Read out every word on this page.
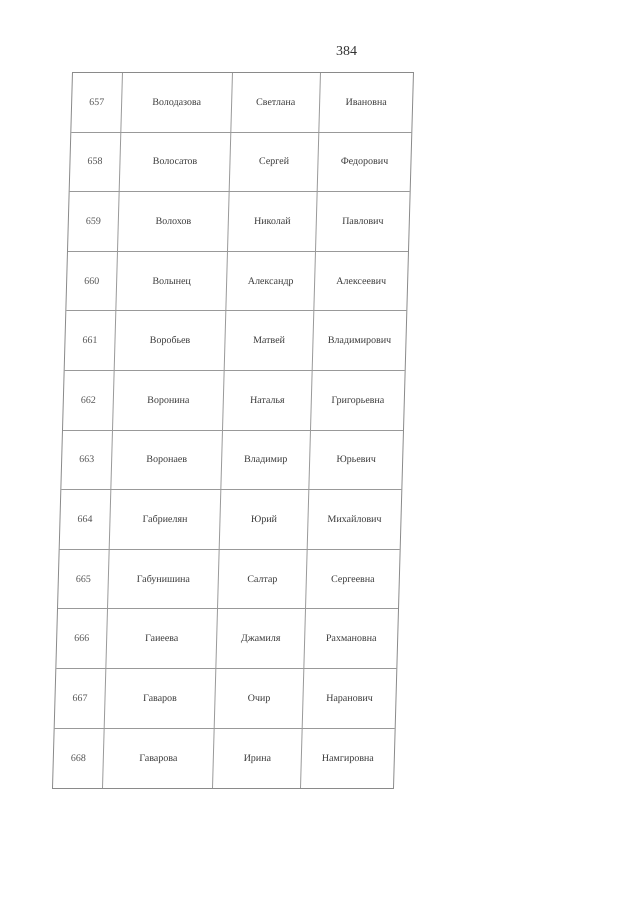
384
657	Володазова	Светлана	Ивановна
658	Волосатов	Сергей	Федорович
659	Волохов	Николай	Павлович
660	Волынец	Александр	Алексеевич
661	Воробьев	Матвей	Владимирович
662	Воронина	Наталья	Григорьевна
663	Воронаев	Владимир	Юрьевич
664	Габриелян	Юрий	Михайлович
665	Габунишина	Салтар	Сергеевна
666	Гаиеева	Джамиля	Рахмановна
667	Гаваров	Очир	Наранович
668	Гаварова	Ирина	Намгировна
